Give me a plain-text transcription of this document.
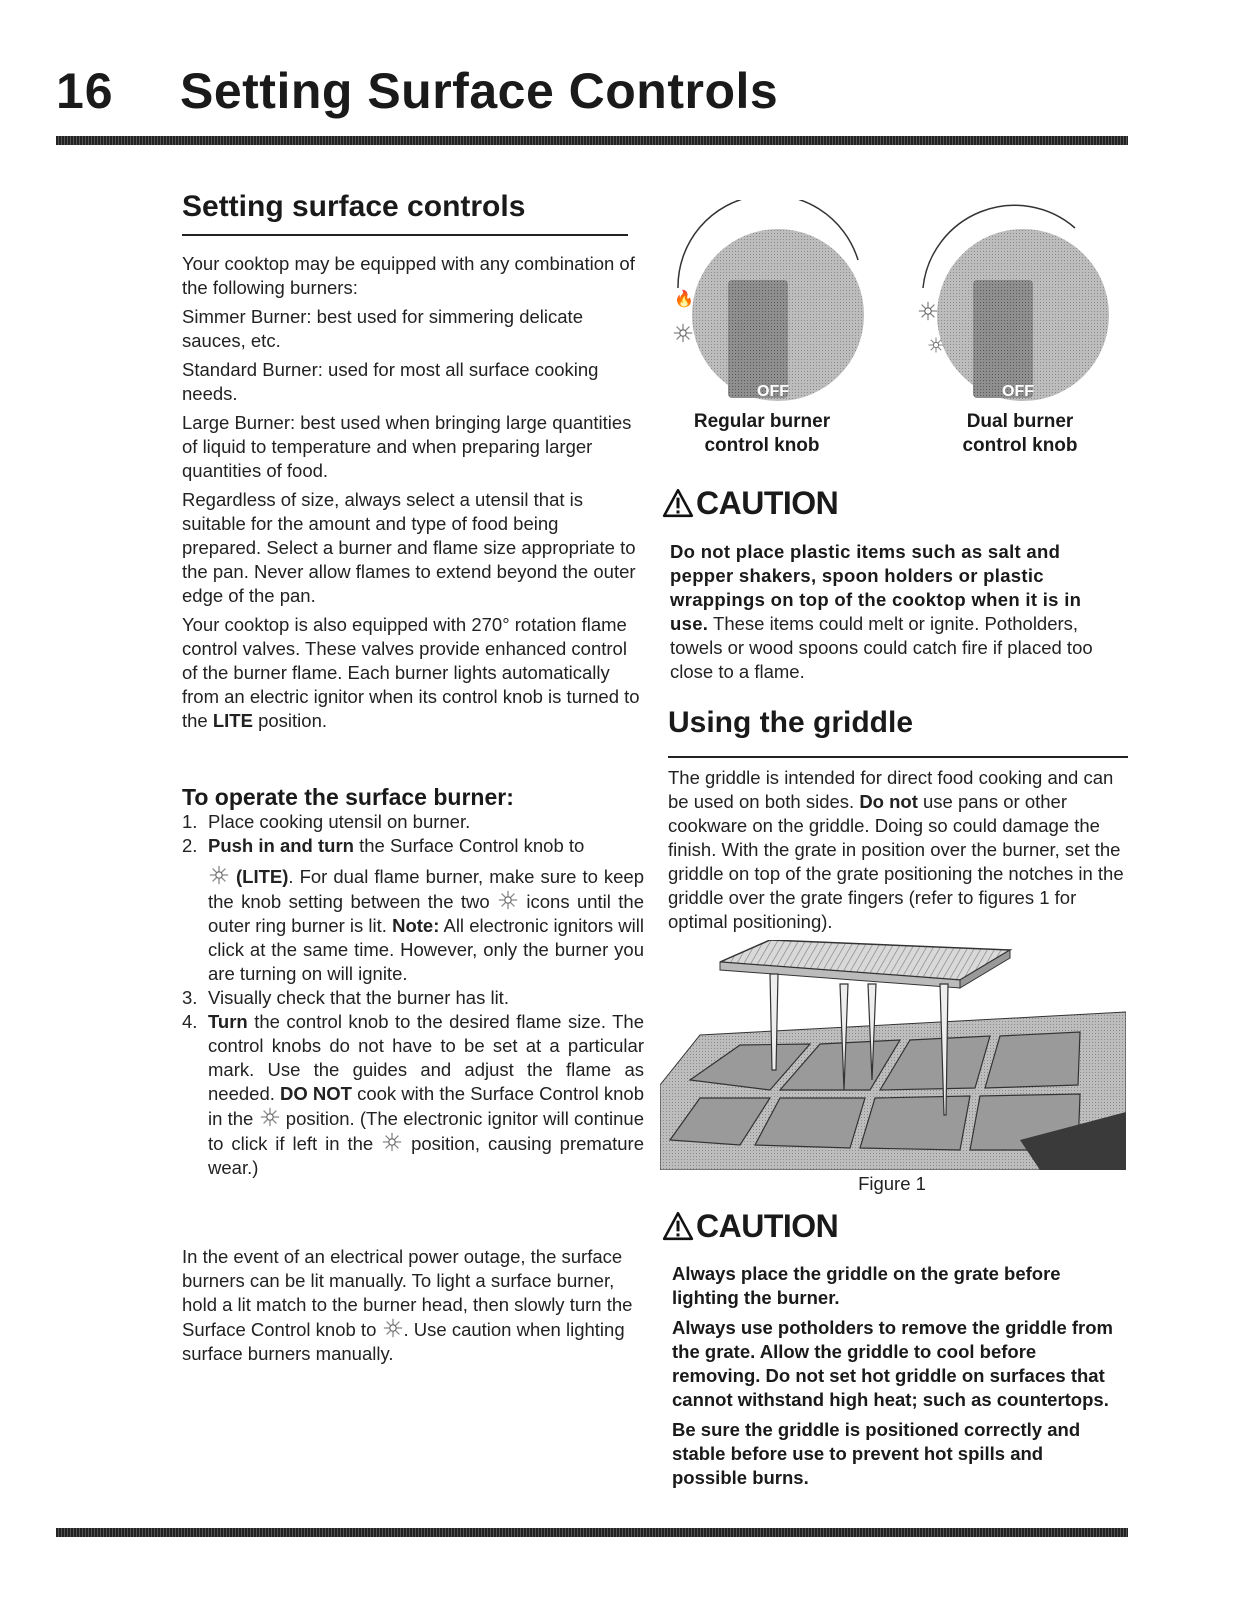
16 Setting Surface Controls
Setting surface controls

Your cooktop may be equipped with any combination of the following burners:

Simmer Burner: best used for simmering delicate sauces, etc.

Standard Burner: used for most all surface cooking needs.

Large Burner: best used when bringing large quantities of liquid to temperature and when preparing larger quantities of food.

Regardless of size, always select a utensil that is suitable for the amount and type of food being prepared. Select a burner and flame size appropriate to the pan. Never allow flames to extend beyond the outer edge of the pan.

Your cooktop is also equipped with 270° rotation flame control valves. These valves provide enhanced control of the burner flame. Each burner lights automatically from an electric ignitor when its control knob is turned to the LITE position.

To operate the surface burner:
1. Place cooking utensil on burner.
2. Push in and turn the Surface Control knob to
(LITE). For dual flame burner, make sure to keep the knob setting between the two  icons until the outer ring burner is lit. Note: All electronic ignitors will click at the same time. However, only the burner you are turning on will ignite.
3. Visually check that the burner has lit.
4. Turn the control knob to the desired flame size. The control knobs do not have to be set at a particular mark. Use the guides and adjust the flame as needed. DO NOT cook with the Surface Control knob in the  position. (The electronic ignitor will continue to click if left in the  position, causing premature wear.)
In the event of an electrical power outage, the surface burners can be lit manually. To light a surface burner, hold a lit match to the burner head, then slowly turn the Surface Control knob to . Use caution when lighting surface burners manually.
🔥
OFF
Regular burner control knob
OFF
Dual burner control knob
CAUTION
Do not place plastic items such as salt and pepper shakers, spoon holders or plastic wrappings on top of the cooktop when it is in use. These items could melt or ignite. Potholders, towels or wood spoons could catch fire if placed too close to a flame.
Using the griddle
The griddle is intended for direct food cooking and can be used on both sides. Do not use pans or other cookware on the griddle. Doing so could damage the finish. With the grate in position over the burner, set the griddle on top of the grate positioning the notches in the griddle over the grate fingers (refer to figures 1 for optimal positioning).
Figure 1
CAUTION

Always place the griddle on the grate before lighting the burner.

Always use potholders to remove the griddle from the grate. Allow the griddle to cool before removing. Do not set hot griddle on surfaces that cannot withstand high heat; such as countertops.

Be sure the griddle is positioned correctly and stable before use to prevent hot spills and possible burns.
